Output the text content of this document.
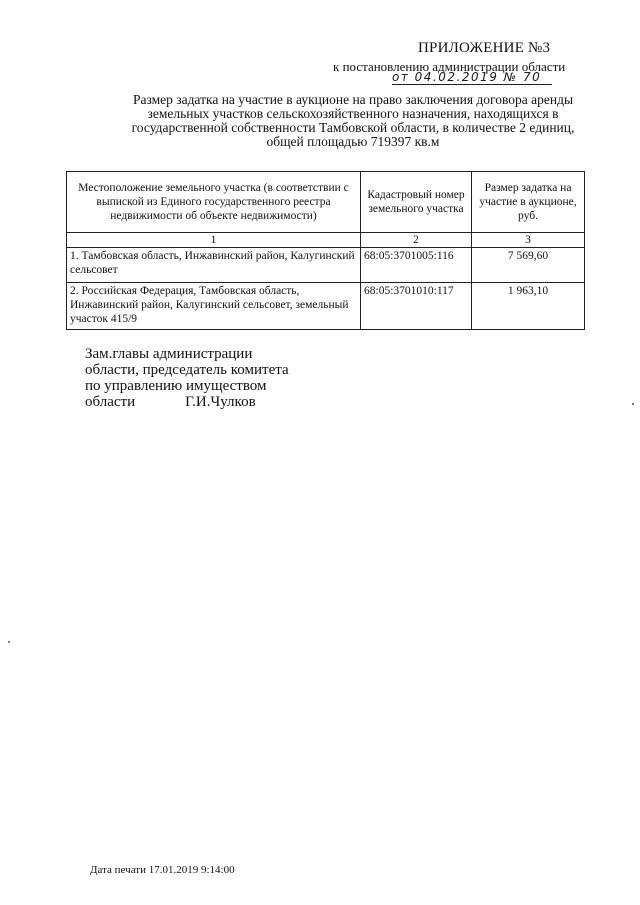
ПРИЛОЖЕНИЕ №3
к постановлению администрации области
от 04.02.2019 № 70
Размер задатка на участие в аукционе на право заключения договора аренды
земельных участков сельскохозяйственного назначения, находящихся в
государственной собственности Тамбовской области, в количестве 2 единиц,
общей площадью 719397 кв.м
Местоположение земельного участка (в соответствии с выпиской из Единого государственного реестра недвижимости об объекте недвижимости)	Кадастровый номер земельного участка	Размер задатка на участие в аукционе, руб.
1	2	3
1. Тамбовская область, Инжавинский район, Калугинский сельсовет	68:05:3701005:116	7 569,60
2. Российская Федерация, Тамбовская область, Инжавинский район, Калугинский сельсовет, земельный участок 415/9	68:05:3701010:117	1 963,10
Зам.главы администрации
области, председатель комитета
по управлению имуществом
области	Г.И.Чулков
Дата печати 17.01.2019 9:14:00
